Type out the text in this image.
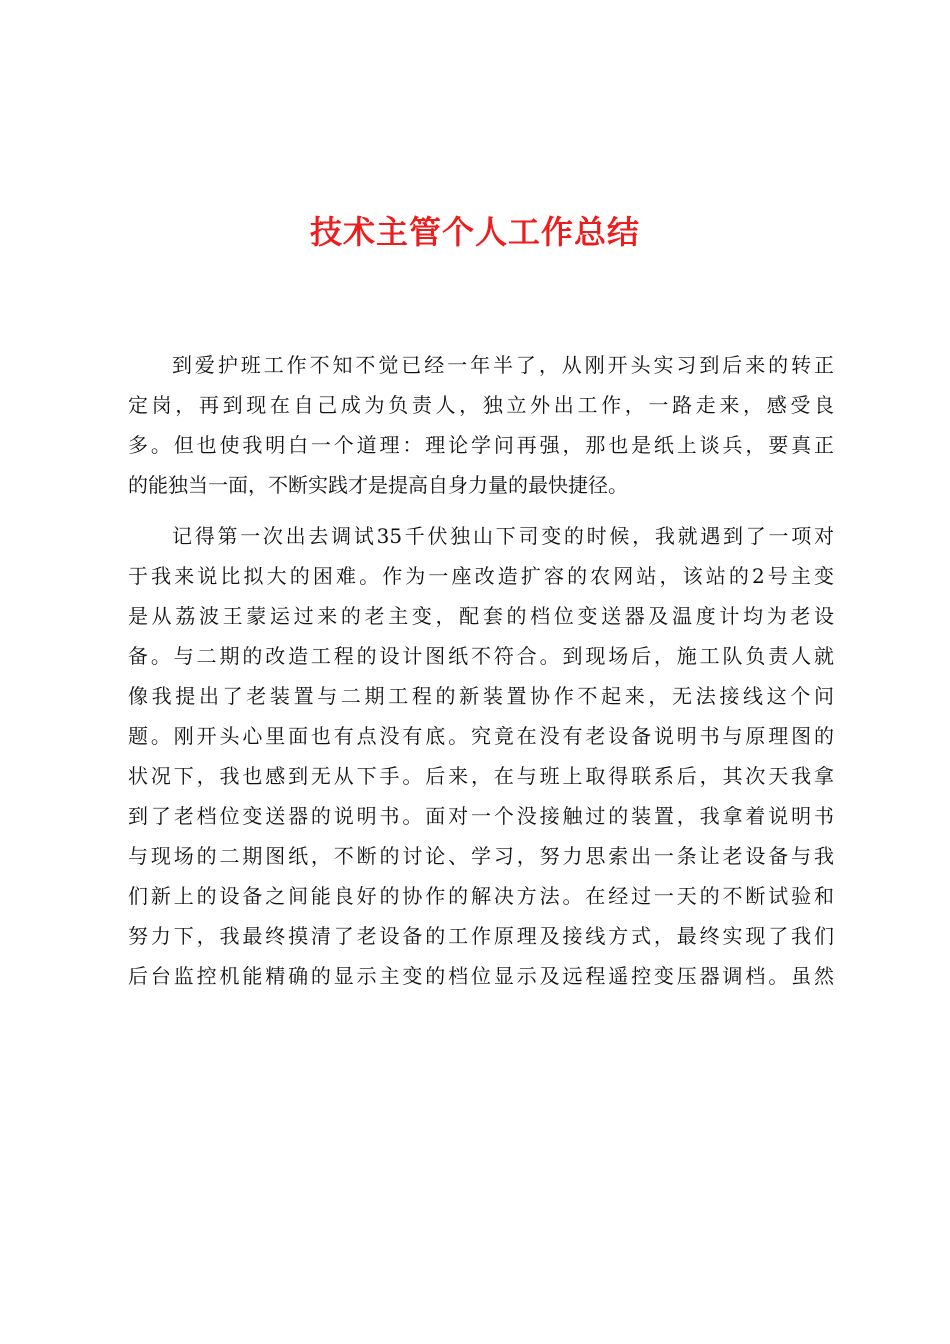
技术主管个人工作总结

到爱护班工作不知不觉已经一年半了，从刚开头实习到后来的转正
定岗，再到现在自己成为负责人，独立外出工作，一路走来，感受良
多。但也使我明白一个道理：理论学问再强，那也是纸上谈兵，要真正
的能独当一面，不断实践才是提高自身力量的最快捷径。

记得第一次出去调试35千伏独山下司变的时候，我就遇到了一项对
于我来说比拟大的困难。作为一座改造扩容的农网站，该站的2号主变
是从荔波王蒙运过来的老主变，配套的档位变送器及温度计均为老设
备。与二期的改造工程的设计图纸不符合。到现场后，施工队负责人就
像我提出了老装置与二期工程的新装置协作不起来，无法接线这个问
题。刚开头心里面也有点没有底。究竟在没有老设备说明书与原理图的
状况下，我也感到无从下手。后来，在与班上取得联系后，其次天我拿
到了老档位变送器的说明书。面对一个没接触过的装置，我拿着说明书
与现场的二期图纸，不断的讨论、学习，努力思索出一条让老设备与我
们新上的设备之间能良好的协作的解决方法。在经过一天的不断试验和
努力下，我最终摸清了老设备的工作原理及接线方式，最终实现了我们
后台监控机能精确的显示主变的档位显示及远程遥控变压器调档。虽然
